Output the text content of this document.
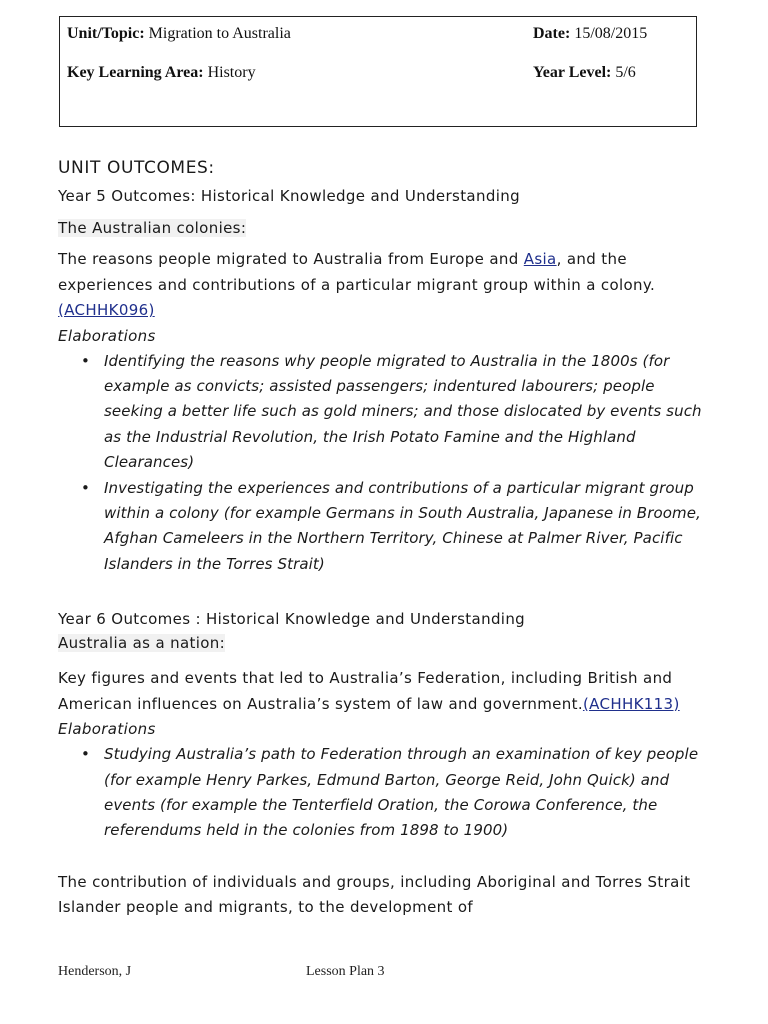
Unit/Topic: Migration to Australia	Date: 15/08/2015
Key Learning Area: History	Year Level: 5/6
UNIT OUTCOMES:

Year 5 Outcomes: Historical Knowledge and Understanding

The Australian colonies:

The reasons people migrated to Australia from Europe and Asia, and the experiences and contributions of a particular migrant group within a colony. (ACHHK096)

Elaborations

• Identifying the reasons why people migrated to Australia in the 1800s (for example as convicts; assisted passengers; indentured labourers; people seeking a better life such as gold miners; and those dislocated by events such as the Industrial Revolution, the Irish Potato Famine and the Highland Clearances)
• Investigating the experiences and contributions of a particular migrant group within a colony (for example Germans in South Australia, Japanese in Broome, Afghan Cameleers in the Northern Territory, Chinese at Palmer River, Pacific Islanders in the Torres Strait)

Year 6 Outcomes : Historical Knowledge and Understanding

Australia as a nation:

Key figures and events that led to Australia’s Federation, including British and American influences on Australia’s system of law and government.(ACHHK113)

Elaborations

• Studying Australia’s path to Federation through an examination of key people (for example Henry Parkes, Edmund Barton, George Reid, John Quick) and events (for example the Tenterfield Oration, the Corowa Conference, the referendums held in the colonies from 1898 to 1900)

The contribution of individuals and groups, including Aboriginal and Torres Strait Islander people and migrants, to the development of

Henderson, J	Lesson Plan 3
